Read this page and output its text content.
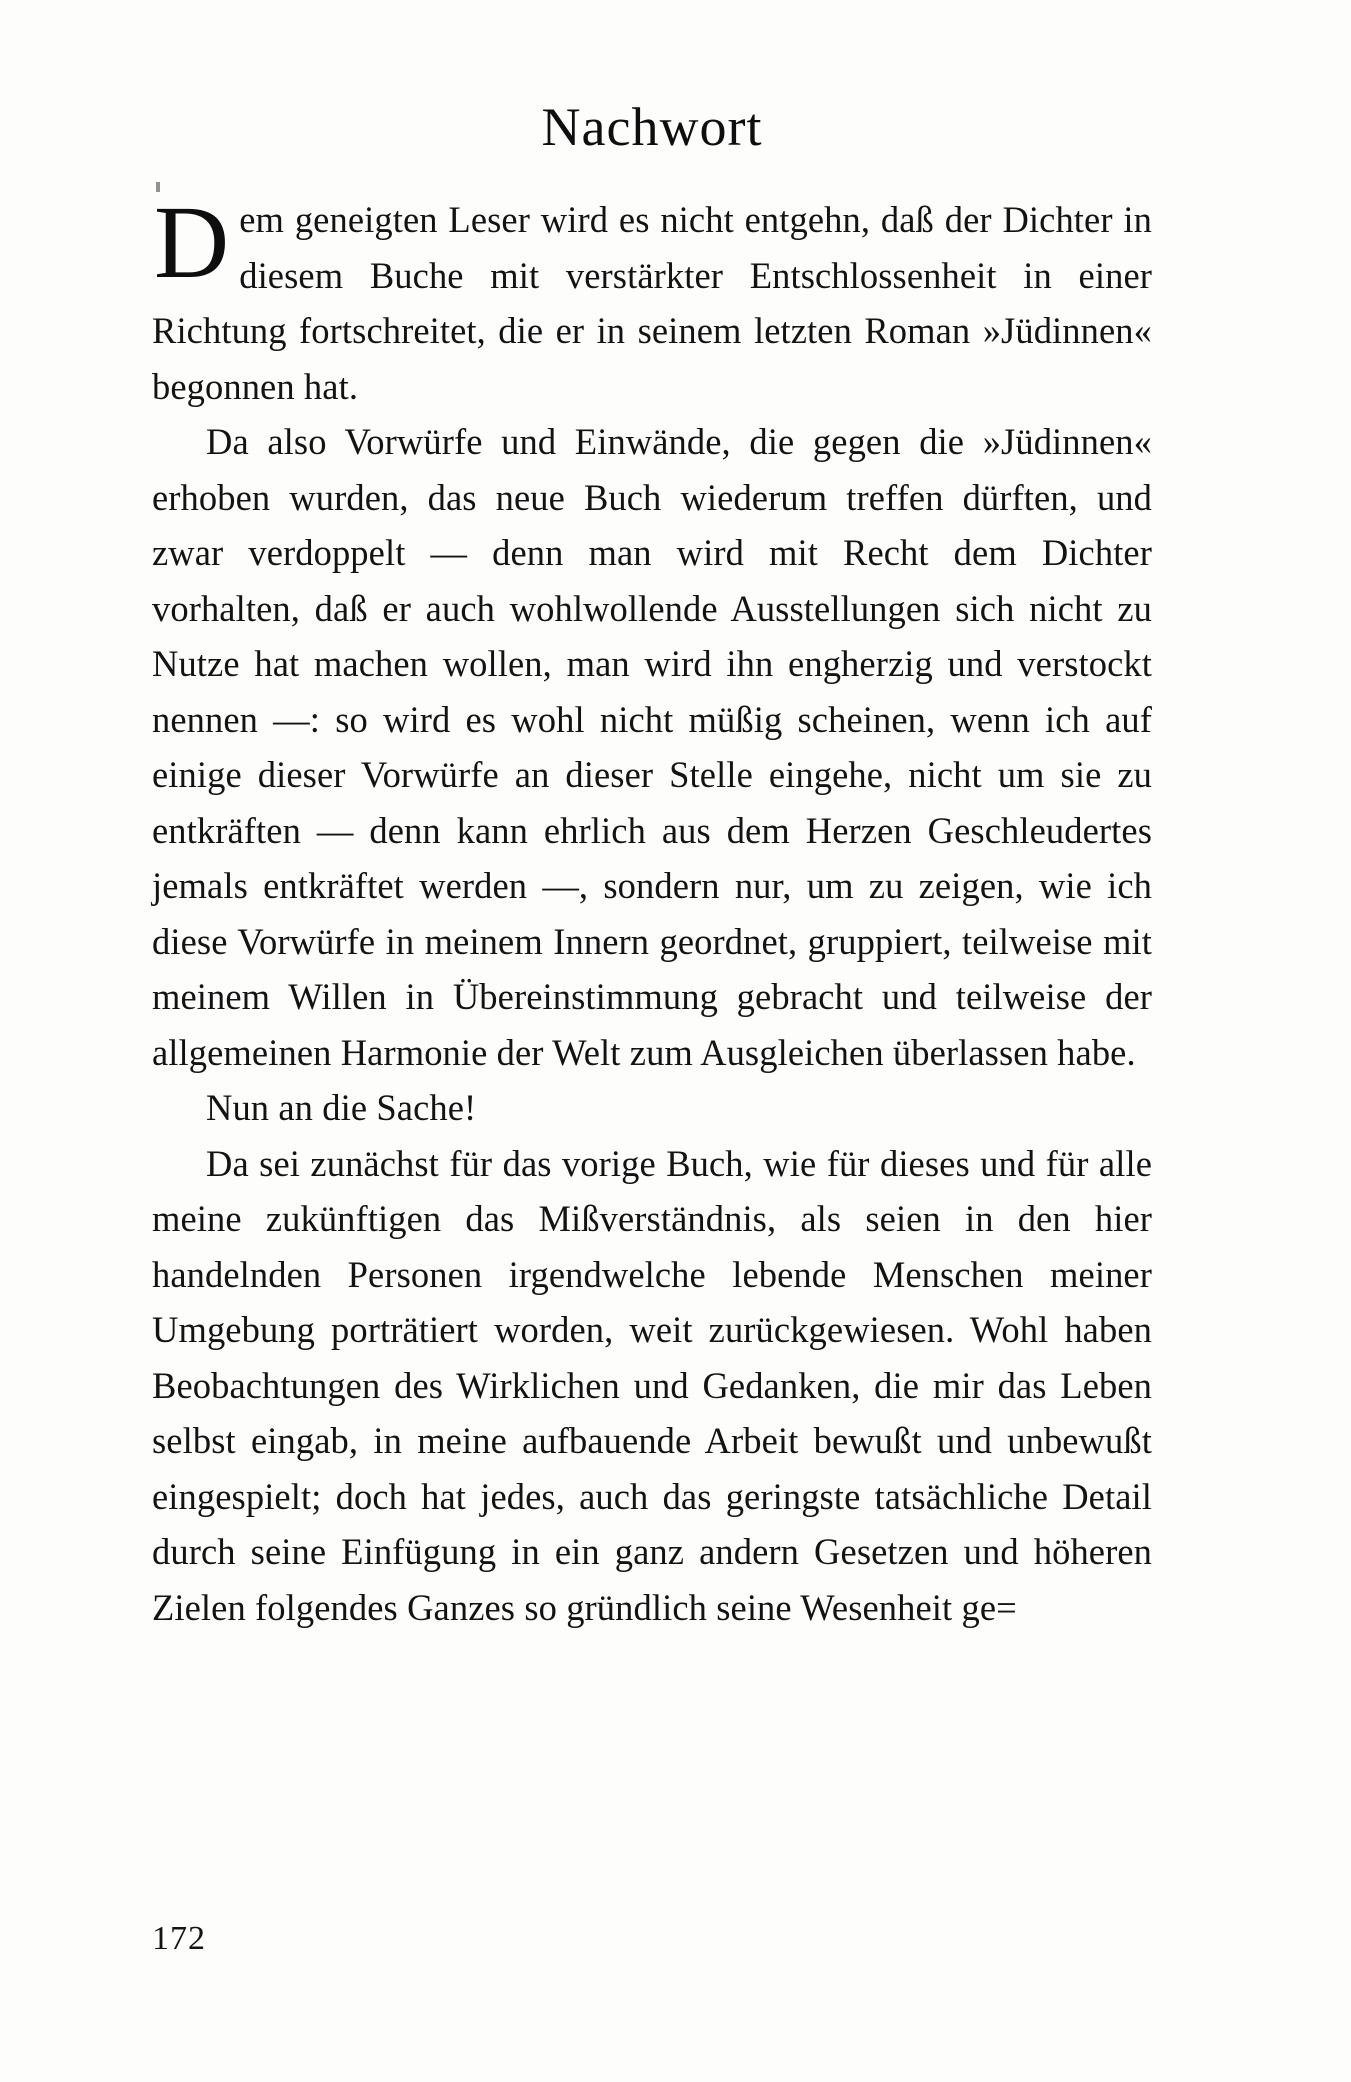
Nachwort

Dem geneigten Leser wird es nicht entgehn, daß der Dichter in diesem Buche mit verstärkter Entschlossenheit in einer Richtung fortschreitet, die er in seinem letzten Roman »Jüdinnen« begonnen hat.

Da also Vorwürfe und Einwände, die gegen die »Jüdinnen« erhoben wurden, das neue Buch wiederum treffen dürften, und zwar verdoppelt — denn man wird mit Recht dem Dichter vorhalten, daß er auch wohlwollende Ausstellungen sich nicht zu Nutze hat machen wollen, man wird ihn engherzig und verstockt nennen —: so wird es wohl nicht müßig scheinen, wenn ich auf einige dieser Vorwürfe an dieser Stelle eingehe, nicht um sie zu entkräften — denn kann ehrlich aus dem Herzen Geschleudertes jemals entkräftet werden —, sondern nur, um zu zeigen, wie ich diese Vorwürfe in meinem Innern geordnet, gruppiert, teilweise mit meinem Willen in Übereinstimmung gebracht und teilweise der allgemeinen Harmonie der Welt zum Ausgleichen überlassen habe.

Nun an die Sache!

Da sei zunächst für das vorige Buch, wie für dieses und für alle meine zukünftigen das Mißverständnis, als seien in den hier handelnden Personen irgendwelche lebende Menschen meiner Umgebung porträtiert worden, weit zurückgewiesen. Wohl haben Beobachtungen des Wirklichen und Gedanken, die mir das Leben selbst eingab, in meine aufbauende Arbeit bewußt und unbewußt eingespielt; doch hat jedes, auch das geringste tatsächliche Detail durch seine Einfügung in ein ganz andern Gesetzen und höheren Zielen folgendes Ganzes so gründlich seine Wesenheit ge=

172
